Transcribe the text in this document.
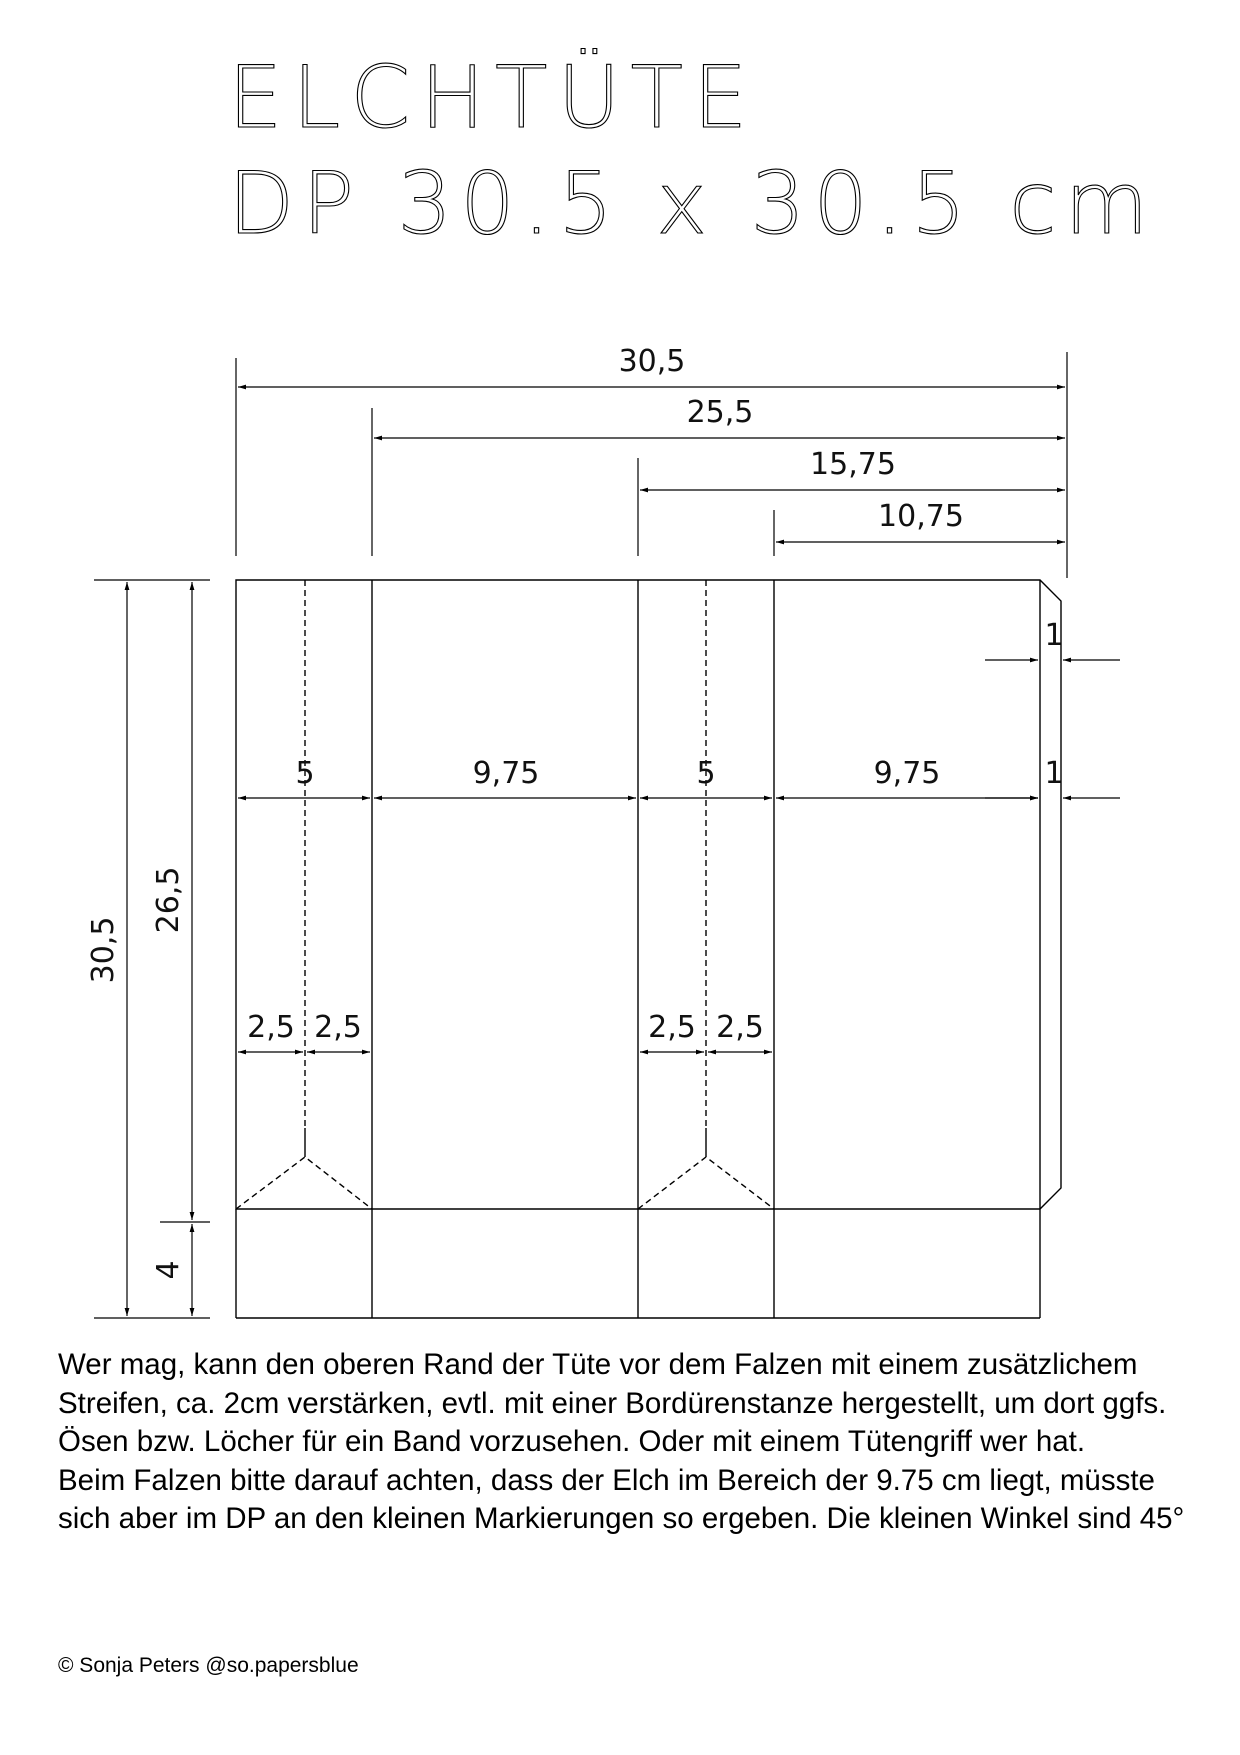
ELCHTÜTE
DP 30.5 x 30.5 cm
30,5
25,5
15,75
10,75
5	9,75	5	9,75	1
1
2,5 2,5	2,5 2,5
30,5
26,5
4

Wer mag, kann den oberen Rand der Tüte vor dem Falzen mit einem zusätzlichem Streifen, ca. 2cm verstärken, evtl. mit einer Bordürenstanze hergestellt, um dort ggfs. Ösen bzw. Löcher für ein Band vorzusehen. Oder mit einem Tütengriff wer hat.

Beim Falzen bitte darauf achten, dass der Elch im Bereich der 9.75 cm liegt, müsste sich aber im DP an den kleinen Markierungen so ergeben. Die kleinen Winkel sind 45°

© Sonja Peters @so.papersblue
